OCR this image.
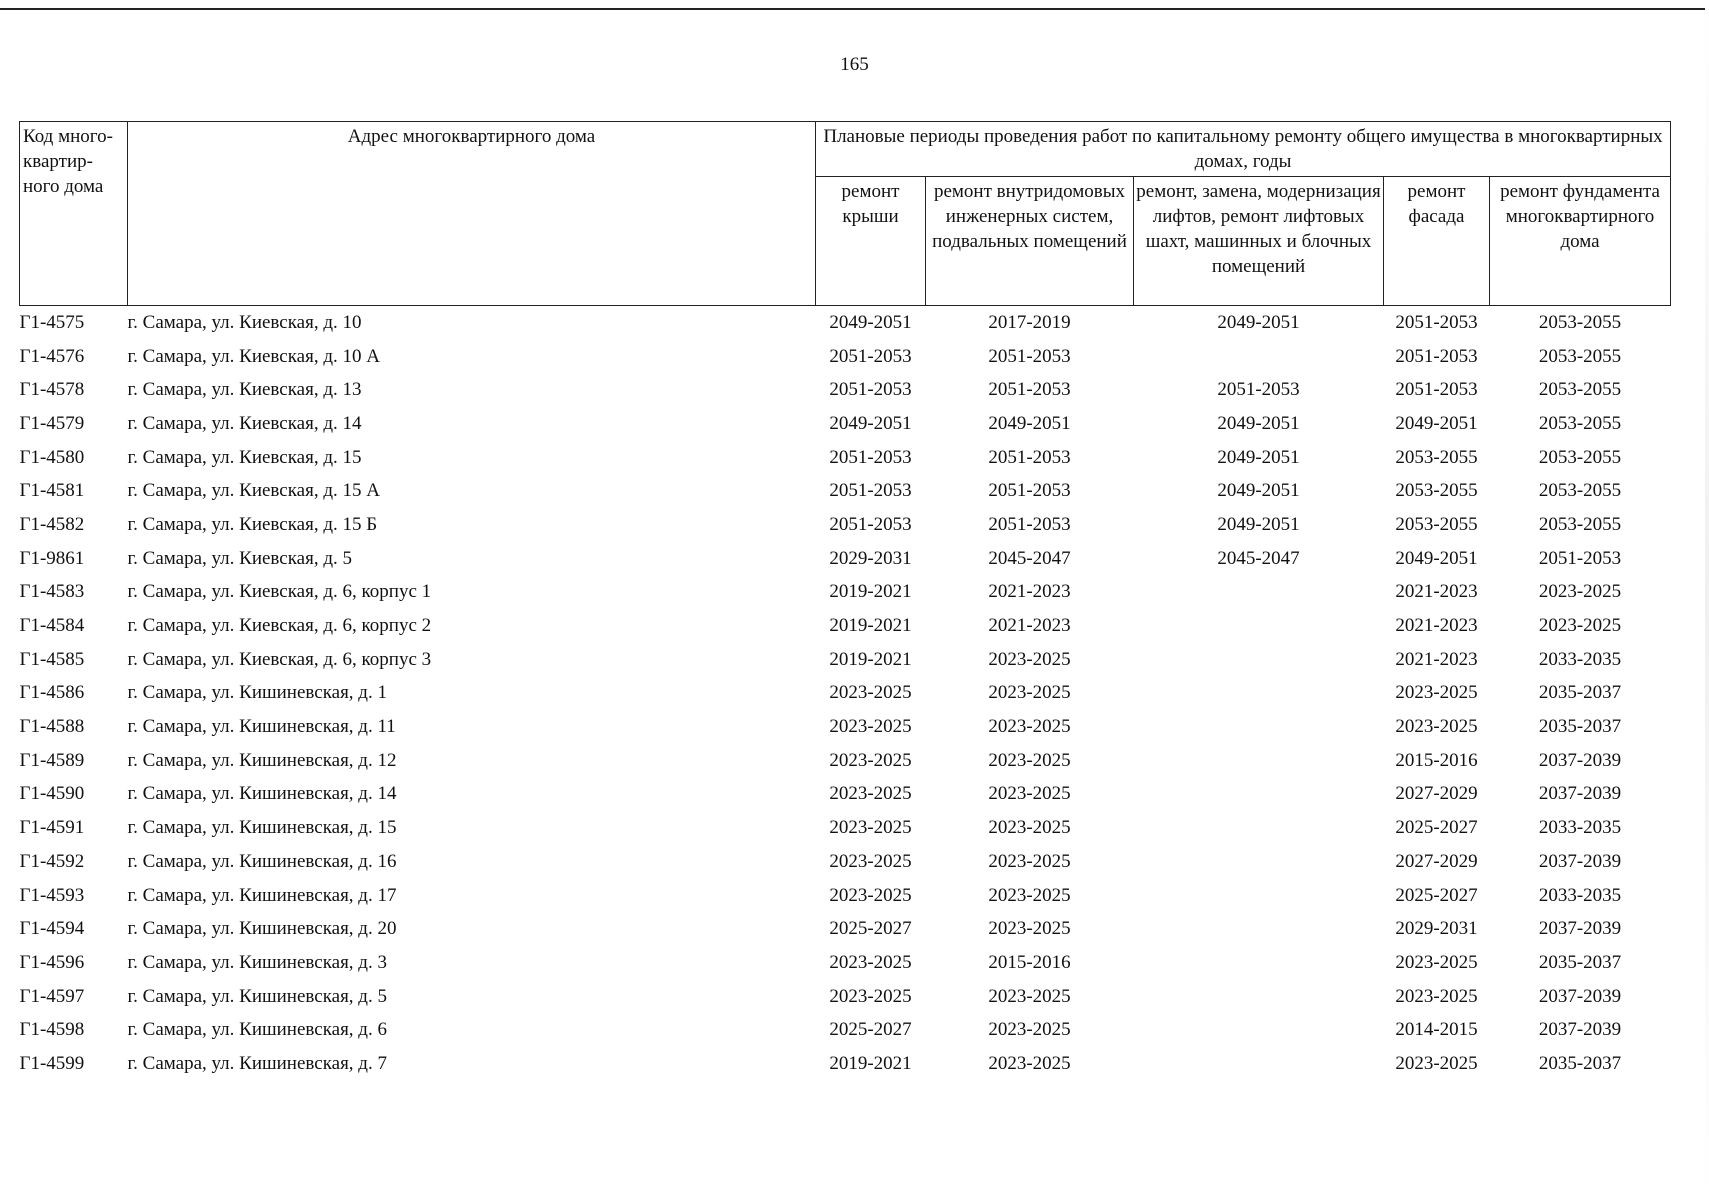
165
Код много-квартир-ного дома	Адрес многоквартирного дома	Плановые периоды проведения работ по капитальному ремонту общего имущества в многоквартирных домах, годы				
		ремонт крыши	ремонт внутридомовых инженерных систем, подвальных помещений	ремонт, замена, модернизация лифтов, ремонт лифтовых шахт, машинных и блочных помещений	ремонт фасада	ремонт фундамента многоквартирного дома
Г1-4575	г. Самара, ул. Киевская, д. 10	2049-2051	2017-2019	2049-2051	2051-2053	2053-2055
Г1-4576	г. Самара, ул. Киевская, д. 10 А	2051-2053	2051-2053		2051-2053	2053-2055
Г1-4578	г. Самара, ул. Киевская, д. 13	2051-2053	2051-2053	2051-2053	2051-2053	2053-2055
Г1-4579	г. Самара, ул. Киевская, д. 14	2049-2051	2049-2051	2049-2051	2049-2051	2053-2055
Г1-4580	г. Самара, ул. Киевская, д. 15	2051-2053	2051-2053	2049-2051	2053-2055	2053-2055
Г1-4581	г. Самара, ул. Киевская, д. 15 А	2051-2053	2051-2053	2049-2051	2053-2055	2053-2055
Г1-4582	г. Самара, ул. Киевская, д. 15 Б	2051-2053	2051-2053	2049-2051	2053-2055	2053-2055
Г1-9861	г. Самара, ул. Киевская, д. 5	2029-2031	2045-2047	2045-2047	2049-2051	2051-2053
Г1-4583	г. Самара, ул. Киевская, д. 6, корпус 1	2019-2021	2021-2023		2021-2023	2023-2025
Г1-4584	г. Самара, ул. Киевская, д. 6, корпус 2	2019-2021	2021-2023		2021-2023	2023-2025
Г1-4585	г. Самара, ул. Киевская, д. 6, корпус 3	2019-2021	2023-2025		2021-2023	2033-2035
Г1-4586	г. Самара, ул. Кишиневская, д. 1	2023-2025	2023-2025		2023-2025	2035-2037
Г1-4588	г. Самара, ул. Кишиневская, д. 11	2023-2025	2023-2025		2023-2025	2035-2037
Г1-4589	г. Самара, ул. Кишиневская, д. 12	2023-2025	2023-2025		2015-2016	2037-2039
Г1-4590	г. Самара, ул. Кишиневская, д. 14	2023-2025	2023-2025		2027-2029	2037-2039
Г1-4591	г. Самара, ул. Кишиневская, д. 15	2023-2025	2023-2025		2025-2027	2033-2035
Г1-4592	г. Самара, ул. Кишиневская, д. 16	2023-2025	2023-2025		2027-2029	2037-2039
Г1-4593	г. Самара, ул. Кишиневская, д. 17	2023-2025	2023-2025		2025-2027	2033-2035
Г1-4594	г. Самара, ул. Кишиневская, д. 20	2025-2027	2023-2025		2029-2031	2037-2039
Г1-4596	г. Самара, ул. Кишиневская, д. 3	2023-2025	2015-2016		2023-2025	2035-2037
Г1-4597	г. Самара, ул. Кишиневская, д. 5	2023-2025	2023-2025		2023-2025	2037-2039
Г1-4598	г. Самара, ул. Кишиневская, д. 6	2025-2027	2023-2025		2014-2015	2037-2039
Г1-4599	г. Самара, ул. Кишиневская, д. 7	2019-2021	2023-2025		2023-2025	2035-2037
